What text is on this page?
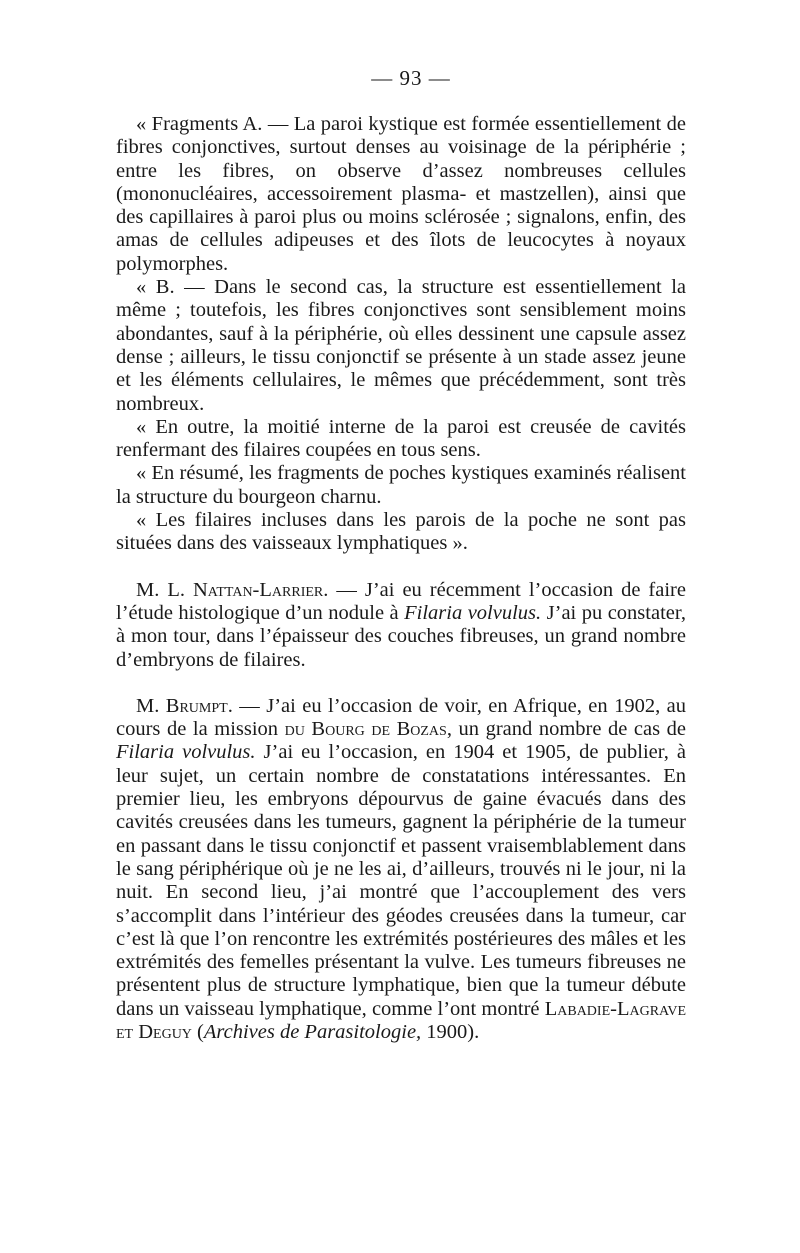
— 93 —

« Fragments A. — La paroi kystique est formée essentiellement de fibres conjonctives, surtout denses au voisinage de la périphérie ; entre les fibres, on observe d’assez nombreuses cellules (mononucléaires, accessoirement plasma- et mastzellen), ainsi que des capillaires à paroi plus ou moins sclérosée ; signalons, enfin, des amas de cellules adipeuses et des îlots de leucocytes à noyaux polymorphes.

« B. — Dans le second cas, la structure est essentiellement la même ; toutefois, les fibres conjonctives sont sensiblement moins abondantes, sauf à la périphérie, où elles dessinent une capsule assez dense ; ailleurs, le tissu conjonctif se présente à un stade assez jeune et les éléments cellulaires, le mêmes que précédemment, sont très nombreux.

« En outre, la moitié interne de la paroi est creusée de cavités renfermant des filaires coupées en tous sens.

« En résumé, les fragments de poches kystiques examinés réalisent la structure du bourgeon charnu.

« Les filaires incluses dans les parois de la poche ne sont pas situées dans des vaisseaux lymphatiques ».

M. L. Nattan-Larrier. — J’ai eu récemment l’occasion de faire l’étude histologique d’un nodule à Filaria volvulus. J’ai pu constater, à mon tour, dans l’épaisseur des couches fibreuses, un grand nombre d’embryons de filaires.

M. Brumpt. — J’ai eu l’occasion de voir, en Afrique, en 1902, au cours de la mission du Bourg de Bozas, un grand nombre de cas de Filaria volvulus. J’ai eu l’occasion, en 1904 et 1905, de publier, à leur sujet, un certain nombre de constatations intéressantes. En premier lieu, les embryons dépourvus de gaine évacués dans des cavités creusées dans les tumeurs, gagnent la périphérie de la tumeur en passant dans le tissu conjonctif et passent vraisemblablement dans le sang périphérique où je ne les ai, d’ailleurs, trouvés ni le jour, ni la nuit. En second lieu, j’ai montré que l’accouplement des vers s’accomplit dans l’intérieur des géodes creusées dans la tumeur, car c’est là que l’on rencontre les extrémités postérieures des mâles et les extrémités des femelles présentant la vulve. Les tumeurs fibreuses ne présentent plus de structure lymphatique, bien que la tumeur débute dans un vaisseau lymphatique, comme l’ont montré Labadie-Lagrave et Deguy (Archives de Parasitologie, 1900).
